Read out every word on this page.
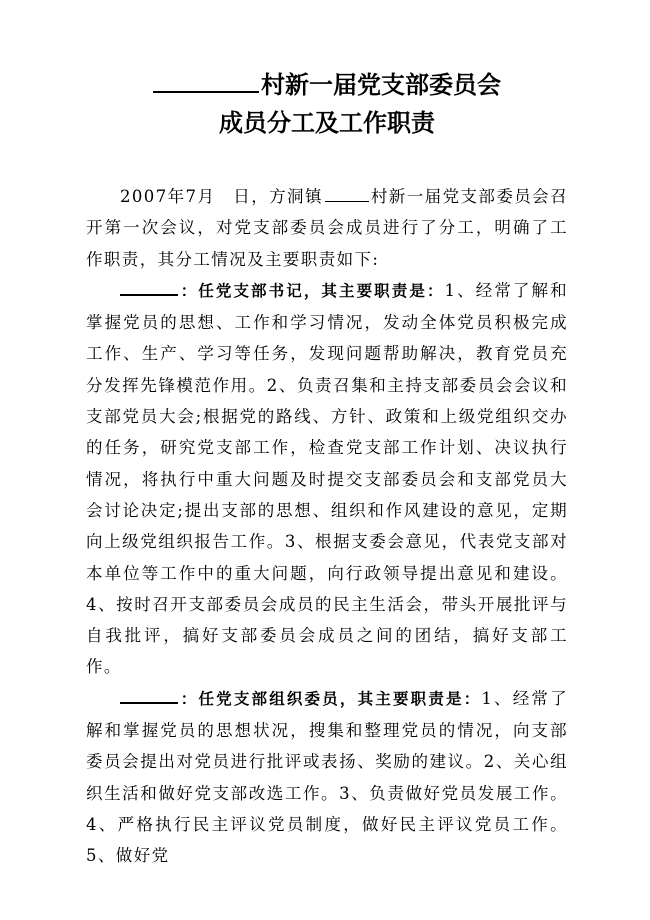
村新一届党支部委员会
成员分工及工作职责

2007年7月　日，方洞镇	村新一届党支部委员会召开第一次会议，对党支部委员会成员进行了分工，明确了工作职责，其分工情况及主要职责如下:

：任党支部书记，其主要职责是：1、经常了解和掌握党员的思想、工作和学习情况，发动全体党员积极完成工作、生产、学习等任务，发现问题帮助解决，教育党员充分发挥先锋模范作用。2、负责召集和主持支部委员会会议和支部党员大会;根据党的路线、方针、政策和上级党组织交办的任务，研究党支部工作，检查党支部工作计划、决议执行情况，将执行中重大问题及时提交支部委员会和支部党员大会讨论决定;提出支部的思想、组织和作风建设的意见，定期向上级党组织报告工作。3、根据支委会意见，代表党支部对本单位等工作中的重大问题，向行政领导提出意见和建设。4、按时召开支部委员会成员的民主生活会，带头开展批评与自我批评，搞好支部委员会成员之间的团结，搞好支部工作。

：任党支部组织委员，其主要职责是：1、经常了解和掌握党员的思想状况，搜集和整理党员的情况，向支部委员会提出对党员进行批评或表扬、奖励的建议。2、关心组织生活和做好党支部改选工作。3、负责做好党员发展工作。4、严格执行民主评议党员制度，做好民主评议党员工作。5、做好党
